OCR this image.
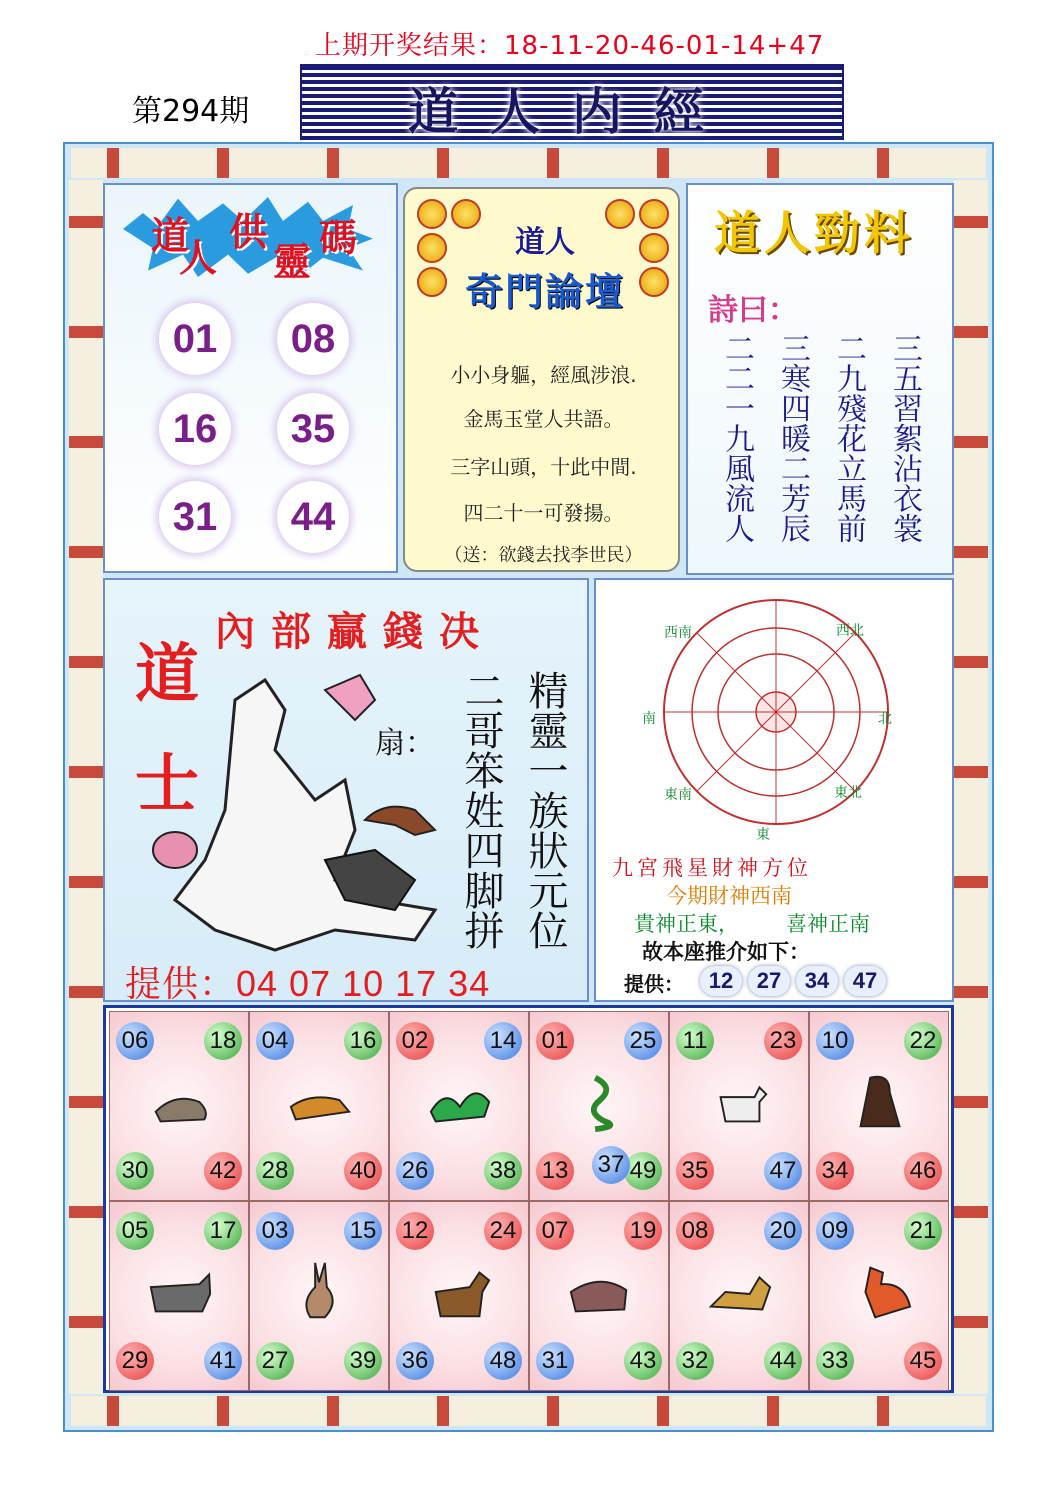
上期开奖结果：18-11-20-46-01-14+47
第294期	道人内經
道
人
供
靈
碼
01	08
16	35
31	44
道人
奇門論壇
小小身軀，經風涉浪.
金馬玉堂人共語。
三字山頭，十此中間.
四二十一可發揚。
（送：欲錢去找李世民）
道人勁料
詩曰：
二二一九風流人 三寒四暖二芳辰 二九殘花立馬前 三五習絮沾衣裳
內部贏錢决
道士
扇： 精靈一族狀元位
二哥笨姓四脚拼
提供：04 07 10 17 34
西南	西北
北
東北
東
東南
南
九宮飛星財神方位
今期財神西南
貴神正東， 喜神正南
故本座推介如下：
提供：	12 27 34 47
06	18
30	42
04	16
28	40
02	14
26	38
01	25
13	49
37
11	23
35	47
10	22
34	46
05	17
29	41
03	15
27	39
12	24
36	48
07	19
31	43
08	20
32	44
09	21
33	45
